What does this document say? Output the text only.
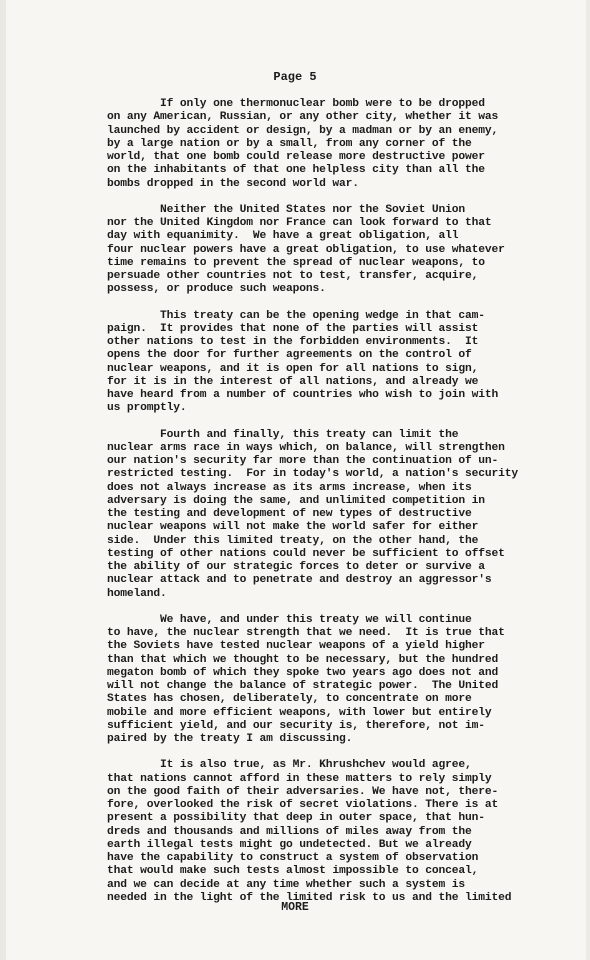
Page 5
If only one thermonuclear bomb were to be dropped
on any American, Russian, or any other city, whether it was
launched by accident or design, by a madman or by an enemy,
by a large nation or by a small, from any corner of the
world, that one bomb could release more destructive power
on the inhabitants of that one helpless city than all the
bombs dropped in the second world war.
Neither the United States nor the Soviet Union
nor the United Kingdom nor France can look forward to that
day with equanimity.  We have a great obligation, all
four nuclear powers have a great obligation, to use whatever
time remains to prevent the spread of nuclear weapons, to
persuade other countries not to test, transfer, acquire,
possess, or produce such weapons.
This treaty can be the opening wedge in that cam-
paign.  It provides that none of the parties will assist
other nations to test in the forbidden environments.  It
opens the door for further agreements on the control of
nuclear weapons, and it is open for all nations to sign,
for it is in the interest of all nations, and already we
have heard from a number of countries who wish to join with
us promptly.
Fourth and finally, this treaty can limit the
nuclear arms race in ways which, on balance, will strengthen
our nation's security far more than the continuation of un-
restricted testing.  For in today's world, a nation's security
does not always increase as its arms increase, when its
adversary is doing the same, and unlimited competition in
the testing and development of new types of destructive
nuclear weapons will not make the world safer for either
side.  Under this limited treaty, on the other hand, the
testing of other nations could never be sufficient to offset
the ability of our strategic forces to deter or survive a
nuclear attack and to penetrate and destroy an aggressor's
homeland.
We have, and under this treaty we will continue
to have, the nuclear strength that we need.  It is true that
the Soviets have tested nuclear weapons of a yield higher
than that which we thought to be necessary, but the hundred
megaton bomb of which they spoke two years ago does not and
will not change the balance of strategic power.  The United
States has chosen, deliberately, to concentrate on more
mobile and more efficient weapons, with lower but entirely
sufficient yield, and our security is, therefore, not im-
paired by the treaty I am discussing.
It is also true, as Mr. Khrushchev would agree,
that nations cannot afford in these matters to rely simply
on the good faith of their adversaries. We have not, there-
fore, overlooked the risk of secret violations. There is at
present a possibility that deep in outer space, that hun-
dreds and thousands and millions of miles away from the
earth illegal tests might go undetected. But we already
have the capability to construct a system of observation
that would make such tests almost impossible to conceal,
and we can decide at any time whether such a system is
needed in the light of the limited risk to us and the limited
MORE
